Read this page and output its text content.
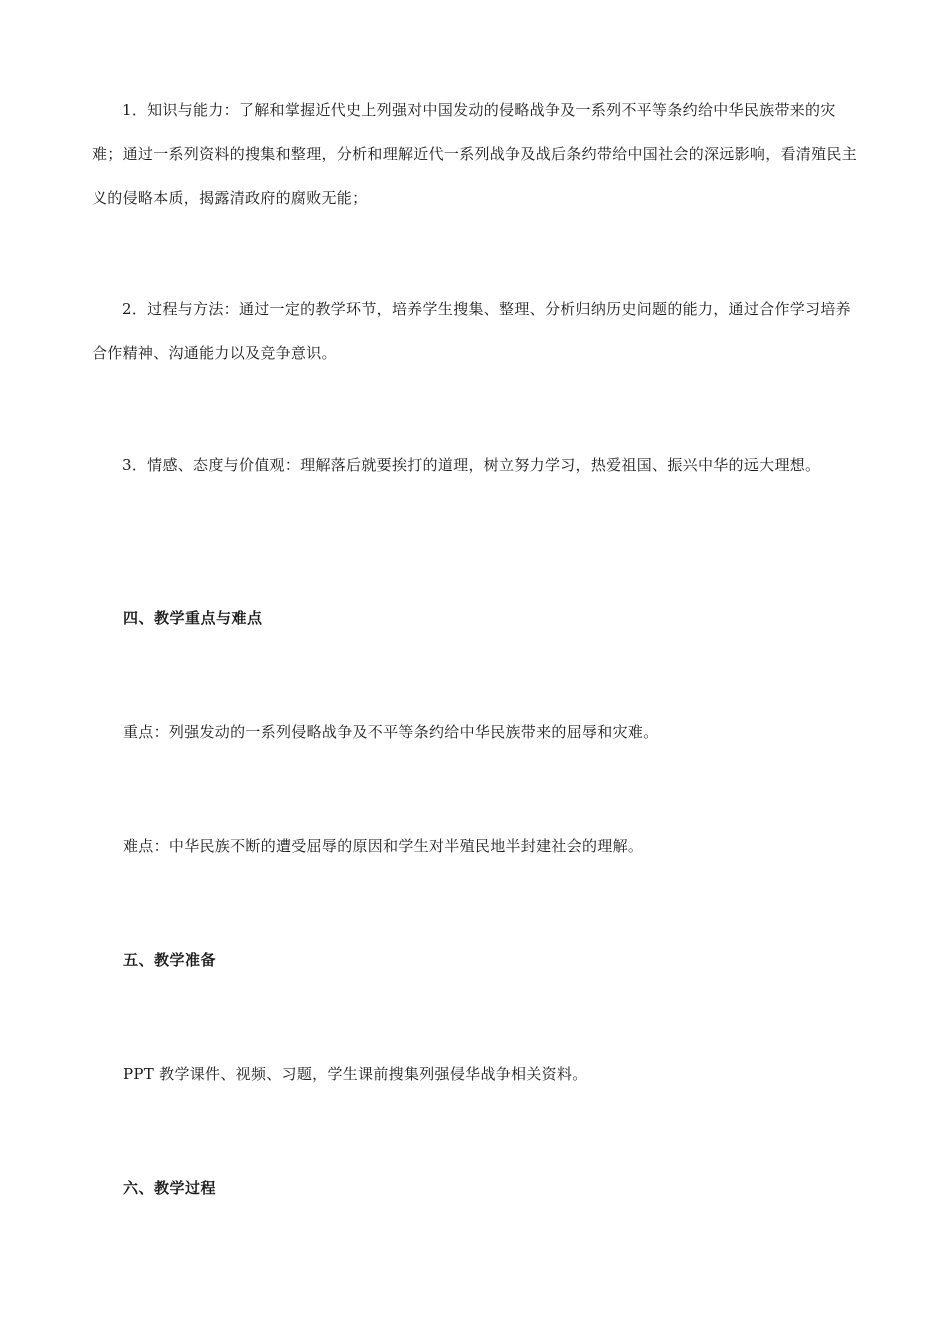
1．知识与能力：了解和掌握近代史上列强对中国发动的侵略战争及一系列不平等条约给中华民族带来的灾难；通过一系列资料的搜集和整理，分析和理解近代一系列战争及战后条约带给中国社会的深远影响，看清殖民主义的侵略本质，揭露清政府的腐败无能；

2．过程与方法：通过一定的教学环节，培养学生搜集、整理、分析归纳历史问题的能力，通过合作学习培养合作精神、沟通能力以及竞争意识。

3．情感、态度与价值观：理解落后就要挨打的道理，树立努力学习，热爱祖国、振兴中华的远大理想。

四、教学重点与难点

重点：列强发动的一系列侵略战争及不平等条约给中华民族带来的屈辱和灾难。

难点：中华民族不断的遭受屈辱的原因和学生对半殖民地半封建社会的理解。

五、教学准备

PPT 教学课件、视频、习题，学生课前搜集列强侵华战争相关资料。

六、教学过程
